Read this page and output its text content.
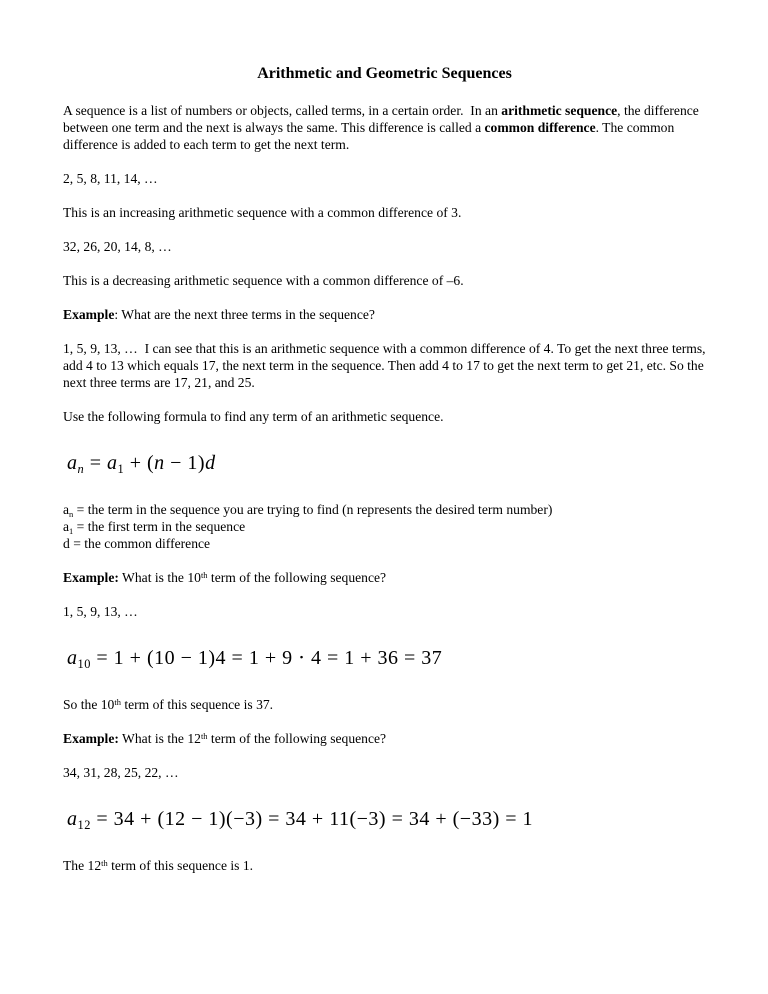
Arithmetic and Geometric Sequences
A sequence is a list of numbers or objects, called terms, in a certain order.  In an arithmetic sequence, the difference between one term and the next is always the same. This difference is called a common difference. The common difference is added to each term to get the next term.
2, 5, 8, 11, 14, …
This is an increasing arithmetic sequence with a common difference of 3.
32, 26, 20, 14, 8, …
This is a decreasing arithmetic sequence with a common difference of –6.
Example: What are the next three terms in the sequence?
1, 5, 9, 13, …  I can see that this is an arithmetic sequence with a common difference of 4. To get the next three terms, add 4 to 13 which equals 17, the next term in the sequence. Then add 4 to 17 to get the next term to get 21, etc. So the next three terms are 17, 21, and 25.
Use the following formula to find any term of an arithmetic sequence.
$a_n = a_1 + (n - 1)d$
$a_n$ = the term in the sequence you are trying to find (n represents the desired term number)
$a_1$ = the first term in the sequence
d = the common difference
Example: What is the 10th term of the following sequence?
1, 5, 9, 13, …
$a_{10} = 1 + (10 - 1)4 = 1 + 9 \cdot 4 = 1 + 36 = 37$
So the 10th term of this sequence is 37.
Example: What is the 12th term of the following sequence?
34, 31, 28, 25, 22, …
$a_{12} = 34 + (12 - 1)(-3) = 34 + 11(-3) = 34 + (-33) = 1$
The 12th term of this sequence is 1.
